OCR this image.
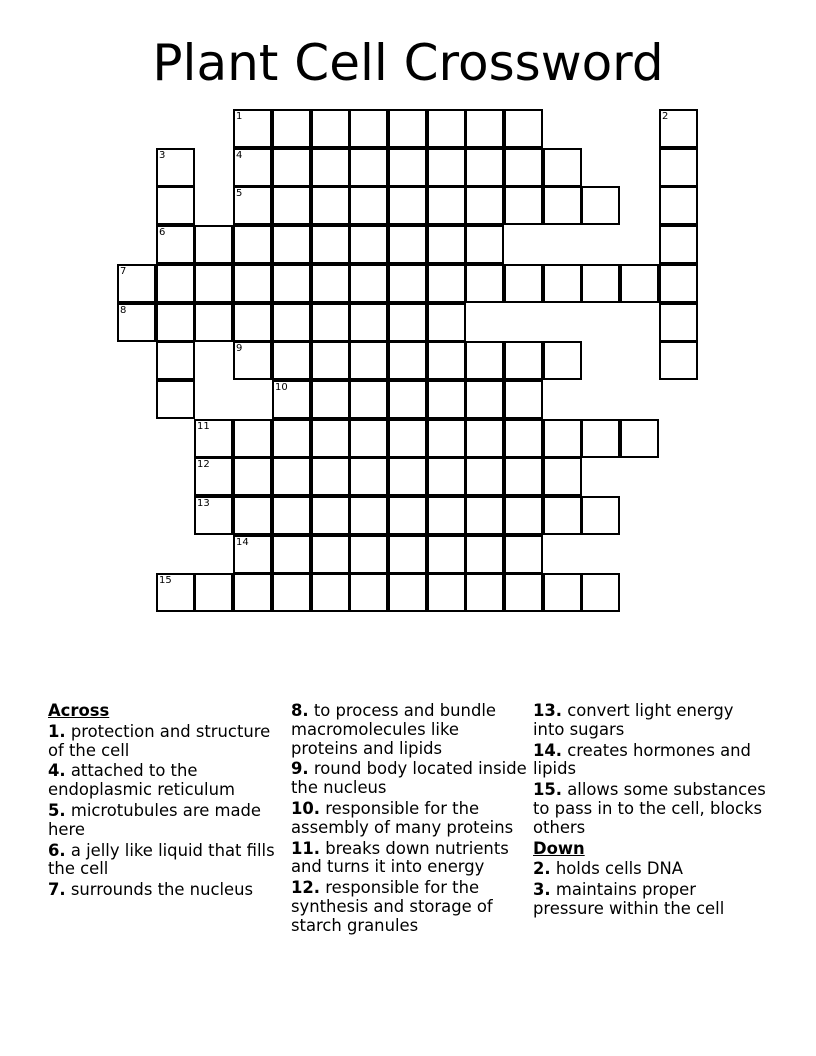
Plant Cell Crossword
1	2
3	4
5
6
7
8
9
10
11
12
13
14
15
Across
1. protection and structure of the cell
4. attached to the endoplasmic reticulum
5. microtubules are made here
6. a jelly like liquid that fills the cell
7. surrounds the nucleus
8. to process and bundle macromolecules like proteins and lipids
9. round body located inside the nucleus
10. responsible for the assembly of many proteins
11. breaks down nutrients and turns it into energy
12. responsible for the synthesis and storage of starch granules
13. convert light energy into sugars
14. creates hormones and lipids
15. allows some substances to pass in to the cell, blocks others
Down
2. holds cells DNA
3. maintains proper pressure within the cell
